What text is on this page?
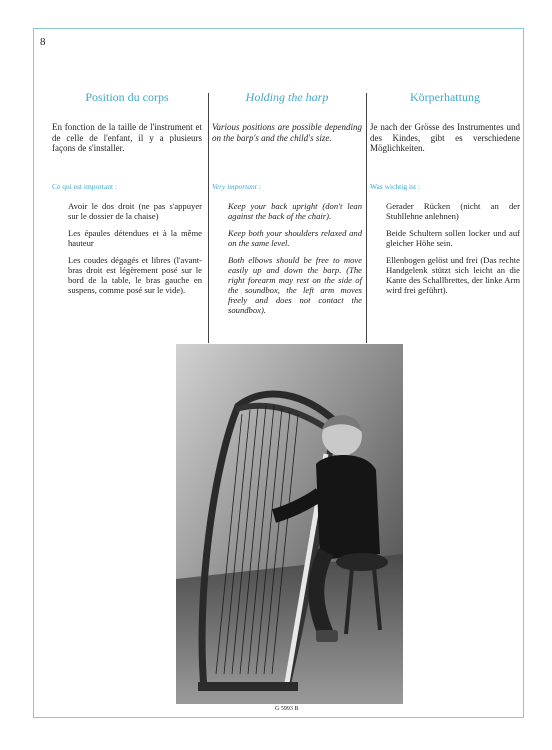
8
Position du corps
En fonction de la taille de l'instrument et de celle de l'enfant, il y a plusieurs façons de s'installer.
Ce qui est important :
Avoir le dos droit (ne pas s'appuyer sur le dossier de la chaise)
Les épaules détendues et à la même hauteur
Les coudes dégagés et libres (l'avant-bras droit est légèrement posé sur le bord de la table, le bras gauche en suspens, comme posé sur le vide).
Holding the harp
Various positions are possible depending on the barp's and the child's size.
Very important :
Keep your back upright (don't lean against the back of the chair).
Keep both your shoulders relaxed and on the same level.
Both elbows should be free to move easily up and down the barp. (The right forearm may rest on the side of the soundbox, the left arm moves freely and does not contact the soundbox).
Körperhattung
Je nach der Grösse des Instrumentes und des Kindes, gibt es verschiedene Möglichkeiten.
Was wichtig ist :
Gerader Rücken (nicht an der Stuhllehne anlehnen)
Beide Schultern sollen locker und auf gleicher Höhe sein.
Ellenbogen gelöst und frei (Das rechte Handgelenk stützt sich leicht an die Kante des Schallbrettes, der linke Arm wird frei geführt).
G 5993 B
